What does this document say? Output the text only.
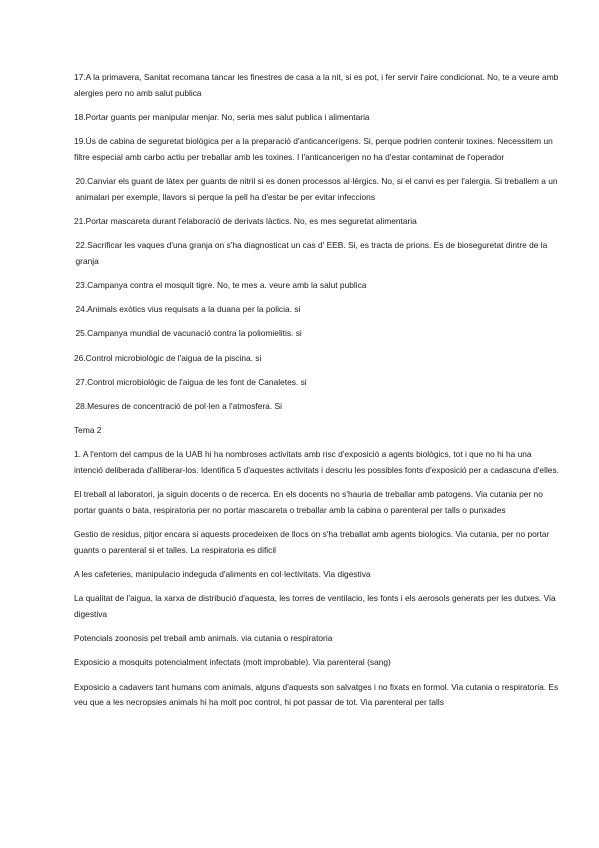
17.A la primavera, Sanitat recomana tancar les finestres de casa a la nit, si es pot, i fer servir l'aire condicionat. No, te a veure amb alergies pero no amb salut publica

18.Portar guants per manipular menjar. No, seria mes salut publica i alimentaria

19.Ús de cabina de seguretat biològica per a la preparació d'anticancerígens. Si, perque podrien contenir toxines. Necessitem un filtre especial amb carbo actiu per treballar amb les toxines. I l'anticancerigen no ha d'estar contaminat de l'operador

20.Canviar els guant de làtex per guants de nitril si es donen processos al·lèrgics. No, si el canvi es per l'alergia. Si treballem a un animalari per exemple, llavors si perque la pell ha d'estar be per evitar infeccions

21.Portar mascareta durant l'elaboració de derivats làctics. No, es mes seguretat alimentaria

22.Sacrificar les vaques d'una granja on s'ha diagnosticat un cas d' EEB. Si, es tracta de prions. Es de bioseguretat dintre de la granja

23.Campanya contra el mosquit tigre. No, te mes a. veure amb la salut publica

24.Animals exòtics vius requisats a la duana per la policia. si

25.Campanya mundial de vacunació contra la poliomielitis. si

26.Control microbiològic de l'aigua de la piscina. si

27.Control microbiològic de l'aigua de les font de Canaletes. si

28.Mesures de concentració de pol·len a l'atmosfera. Si

Tema 2

1. A l'entorn del campus de la UAB hi ha nombroses activitats amb risc d'exposició a agents biològics, tot i que no hi ha una intenció deliberada d'alliberar-los. Identifica 5 d'aquestes activitats i descriu les possibles fonts d'exposició per a cadascuna d'elles.

El treball al laboratori, ja siguin docents o de recerca. En els docents no s'hauria de treballar amb patogens. Via cutania per no portar guants o bata, respiratoria per no portar mascareta o treballar amb la cabina o parenteral per talls o punxades

Gestio de residus, pitjor encara si aquests procedeixen de llocs on s'ha treballat amb agents biologics. Via cutania, per no portar guants o parenteral si et talles. La respiratoria es dificil

A les cafeteries, manipulacio indeguda d'aliments en col·lectivitats. Via digestiva

La qualitat de l'aigua, la xarxa de distribució d'aquesta, les torres de ventilacio, les fonts i els aerosols generats per les dutxes. Via digestiva

Potencials zoonosis pel treball amb animals. via cutania o respiratoria

Exposicio a mosquits potencialment infectats (molt improbable). Via parenteral (sang)

Exposicio a cadavers tant humans com animals, alguns d'aquests son salvatges i no fixats en formol. Via cutania o respiratoria. Es veu que a les necropsies animals hi ha molt poc control, hi pot passar de tot. Via parenteral per talls
